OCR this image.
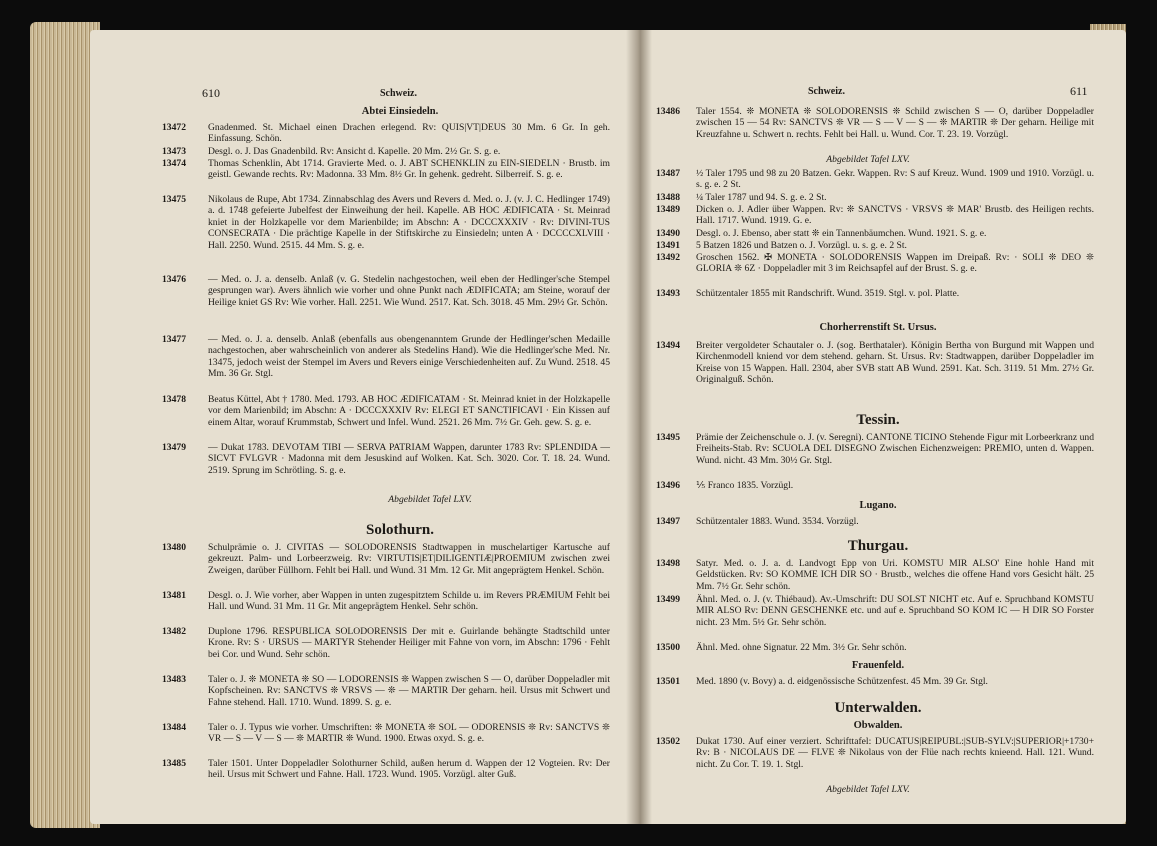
610	Schweiz.
Abtei Einsiedeln.
13472 Gnadenmed. St. Michael einen Drachen erlegend. Rv: QUIS|VT|DEUS 30 Mm. 6 Gr. In geh. Einfassung. Schön.
13473 Desgl. o. J. Das Gnadenbild. Rv: Ansicht d. Kapelle. 20 Mm. 2½ Gr. S. g. e.
13474 Thomas Schenklin, Abt 1714. Gravierte Med. o. J. ABT SCHENKLIN zu EIN-SIEDELN · Brustb. im geistl. Gewande rechts. Rv: Madonna. 33 Mm. 8½ Gr. In gehenk. gedreht. Silberreif. S. g. e.
13475 Nikolaus de Rupe, Abt 1734. Zinnabschlag des Avers und Revers d. Med. o. J. (v. J. C. Hedlinger 1749) a. d. 1748 gefeierte Jubelfest der Einweihung der heil. Kapelle. AB HOC ÆDIFICATA · St. Meinrad kniet in der Holzkapelle vor dem Marienbilde; im Abschn: A · DCCCXXXIV · Rv: DIVINI-TUS CONSECRATA · Die prächtige Kapelle in der Stiftskirche zu Einsiedeln; unten A · DCCCCXLVIII · Hall. 2250. Wund. 2515. 44 Mm. S. g. e.
13476 — Med. o. J. a. denselb. Anlaß (v. G. Stedelin nachgestochen, weil eben der Hedlinger'sche Stempel gesprungen war). Avers ähnlich wie vorher und ohne Punkt nach ÆDIFICATA; am Steine, worauf der Heilige kniet GS Rv: Wie vorher. Hall. 2251. Wie Wund. 2517. Kat. Sch. 3018. 45 Mm. 29½ Gr. Schön.
13477 — Med. o. J. a. denselb. Anlaß (ebenfalls aus obengenanntem Grunde der Hedlinger'schen Medaille nachgestochen, aber wahrscheinlich von anderer als Stedelins Hand). Wie die Hedlinger'sche Med. Nr. 13475, jedoch weist der Stempel im Avers und Revers einige Verschiedenheiten auf. Zu Wund. 2518. 45 Mm. 36 Gr. Stgl.
13478 Beatus Küttel, Abt † 1780. Med. 1793. AB HOC ÆDIFICATAM · St. Meinrad kniet in der Holzkapelle vor dem Marienbild; im Abschn: A · DCCCXXXIV Rv: ELEGI ET SANCTIFICAVI · Ein Kissen auf einem Altar, worauf Krummstab, Schwert und Infel. Wund. 2521. 26 Mm. 7½ Gr. Geh. gew. S. g. e.
13479 — Dukat 1783. DEVOTAM TIBI — SERVA PATRIAM Wappen, darunter 1783 Rv: SPLENDIDA — SICVT FVLGVR · Madonna mit dem Jesuskind auf Wolken. Kat. Sch. 3020. Cor. T. 18. 24. Wund. 2519. Sprung im Schrötling. S. g. e.
Abgebildet Tafel LXV.
Solothurn.
13480 Schulprämie o. J. CIVITAS — SOLODORENSIS Stadtwappen in muschelartiger Kartusche auf gekreuzt. Palm- und Lorbeerzweig. Rv: VIRTUTIS|ET|DILIGENTIÆ|PROEMIUM zwischen zwei Zweigen, darüber Füllhorn. Fehlt bei Hall. und Wund. 31 Mm. 12 Gr. Mit angeprägtem Henkel. Schön.
13481 Desgl. o. J. Wie vorher, aber Wappen in unten zugespitztem Schilde u. im Revers PRÆMIUM Fehlt bei Hall. und Wund. 31 Mm. 11 Gr. Mit angeprägtem Henkel. Sehr schön.
13482 Duplone 1796. RESPUBLICA SOLODORENSIS Der mit e. Guirlande behängte Stadtschild unter Krone. Rv: S · URSUS — MARTYR Stehender Heiliger mit Fahne von vorn, im Abschn: 1796 · Fehlt bei Cor. und Wund. Sehr schön.
13483 Taler o. J. ❊ MONETA ❊ SO — LODORENSIS ❊ Wappen zwischen S — O, darüber Doppeladler mit Kopfscheinen. Rv: SANCTVS ❊ VRSVS — ❊ — MARTIR Der geharn. heil. Ursus mit Schwert und Fahne stehend. Hall. 1710. Wund. 1899. S. g. e.
13484 Taler o. J. Typus wie vorher. Umschriften: ❊ MONETA ❊ SOL — ODORENSIS ❊ Rv: SANCTVS ❊ VR — S — V — S — ❊ MARTIR ❊ Wund. 1900. Etwas oxyd. S. g. e.
13485 Taler 1501. Unter Doppeladler Solothurner Schild, außen herum d. Wappen der 12 Vogteien. Rv: Der heil. Ursus mit Schwert und Fahne. Hall. 1723. Wund. 1905. Vorzügl. alter Guß.
Schweiz.	611
13486 Taler 1554. ❊ MONETA ❊ SOLODORENSIS ❊ Schild zwischen S — O, darüber Doppeladler zwischen 15 — 54 Rv: SANCTVS ❊ VR — S — V — S — ❊ MARTIR ❊ Der geharn. Heilige mit Kreuzfahne u. Schwert n. rechts. Fehlt bei Hall. u. Wund. Cor. T. 23. 19. Vorzügl.
Abgebildet Tafel LXV.
13487 ½ Taler 1795 und 98 zu 20 Batzen. Gekr. Wappen. Rv: S auf Kreuz. Wund. 1909 und 1910. Vorzügl. u. s. g. e. 2 St.
13488 ¼ Taler 1787 und 94. S. g. e. 2 St.
13489 Dicken o. J. Adler über Wappen. Rv: ❊ SANCTVS · VRSVS ❊ MAR' Brustb. des Heiligen rechts. Hall. 1717. Wund. 1919. G. e.
13490 Desgl. o. J. Ebenso, aber statt ❊ ein Tannenbäumchen. Wund. 1921. S. g. e.
13491 5 Batzen 1826 und Batzen o. J. Vorzügl. u. s. g. e. 2 St.
13492 Groschen 1562. ✠ MONETA · SOLODORENSIS Wappen im Dreipaß. Rv: · SOLI ❊ DEO ❊ GLORIA ❊ 6Z · Doppeladler mit 3 im Reichsapfel auf der Brust. S. g. e.
13493 Schützentaler 1855 mit Randschrift. Wund. 3519. Stgl. v. pol. Platte.
Chorherrenstift St. Ursus.
13494 Breiter vergoldeter Schautaler o. J. (sog. Berthataler). Königin Bertha von Burgund mit Wappen und Kirchenmodell kniend vor dem stehend. geharn. St. Ursus. Rv: Stadtwappen, darüber Doppeladler im Kreise von 15 Wappen. Hall. 2304, aber SVB statt AB Wund. 2591. Kat. Sch. 3119. 51 Mm. 27½ Gr. Originalguß. Schön.
Tessin.
13495 Prämie der Zeichenschule o. J. (v. Seregni). CANTONE TICINO Stehende Figur mit Lorbeerkranz und Freiheits-Stab. Rv: SCUOLA DEL DISEGNO Zwischen Eichenzweigen: PREMIO, unten d. Wappen. Wund. nicht. 43 Mm. 30½ Gr. Stgl.
13496 ⅕ Franco 1835. Vorzügl.
Lugano.
13497 Schützentaler 1883. Wund. 3534. Vorzügl.
Thurgau.
13498 Satyr. Med. o. J. a. d. Landvogt Epp von Uri. KOMSTU MIR ALSO' Eine hohle Hand mit Geldstücken. Rv: SO KOMME ICH DIR SO · Brustb., welches die offene Hand vors Gesicht hält. 25 Mm. 7½ Gr. Sehr schön.
13499 Ähnl. Med. o. J. (v. Thiébaud). Av.-Umschrift: DU SOLST NICHT etc. Auf e. Spruchband KOMSTU MIR ALSO Rv: DENN GESCHENKE etc. und auf e. Spruchband SO KOM IC — H DIR SO Forster nicht. 23 Mm. 5½ Gr. Sehr schön.
13500 Ähnl. Med. ohne Signatur. 22 Mm. 3½ Gr. Sehr schön.
Frauenfeld.
13501 Med. 1890 (v. Bovy) a. d. eidgenössische Schützenfest. 45 Mm. 39 Gr. Stgl.
Unterwalden.
Obwalden.
13502 Dukat 1730. Auf einer verziert. Schrifttafel: DUCATUS|REIPUBL:|SUB-SYLV:|SUPERIOR|+1730+ Rv: B · NICOLAUS DE — FLVE ❊ Nikolaus von der Flüe nach rechts knieend. Hall. 121. Wund. nicht. Zu Cor. T. 19. 1. Stgl.
Abgebildet Tafel LXV.
